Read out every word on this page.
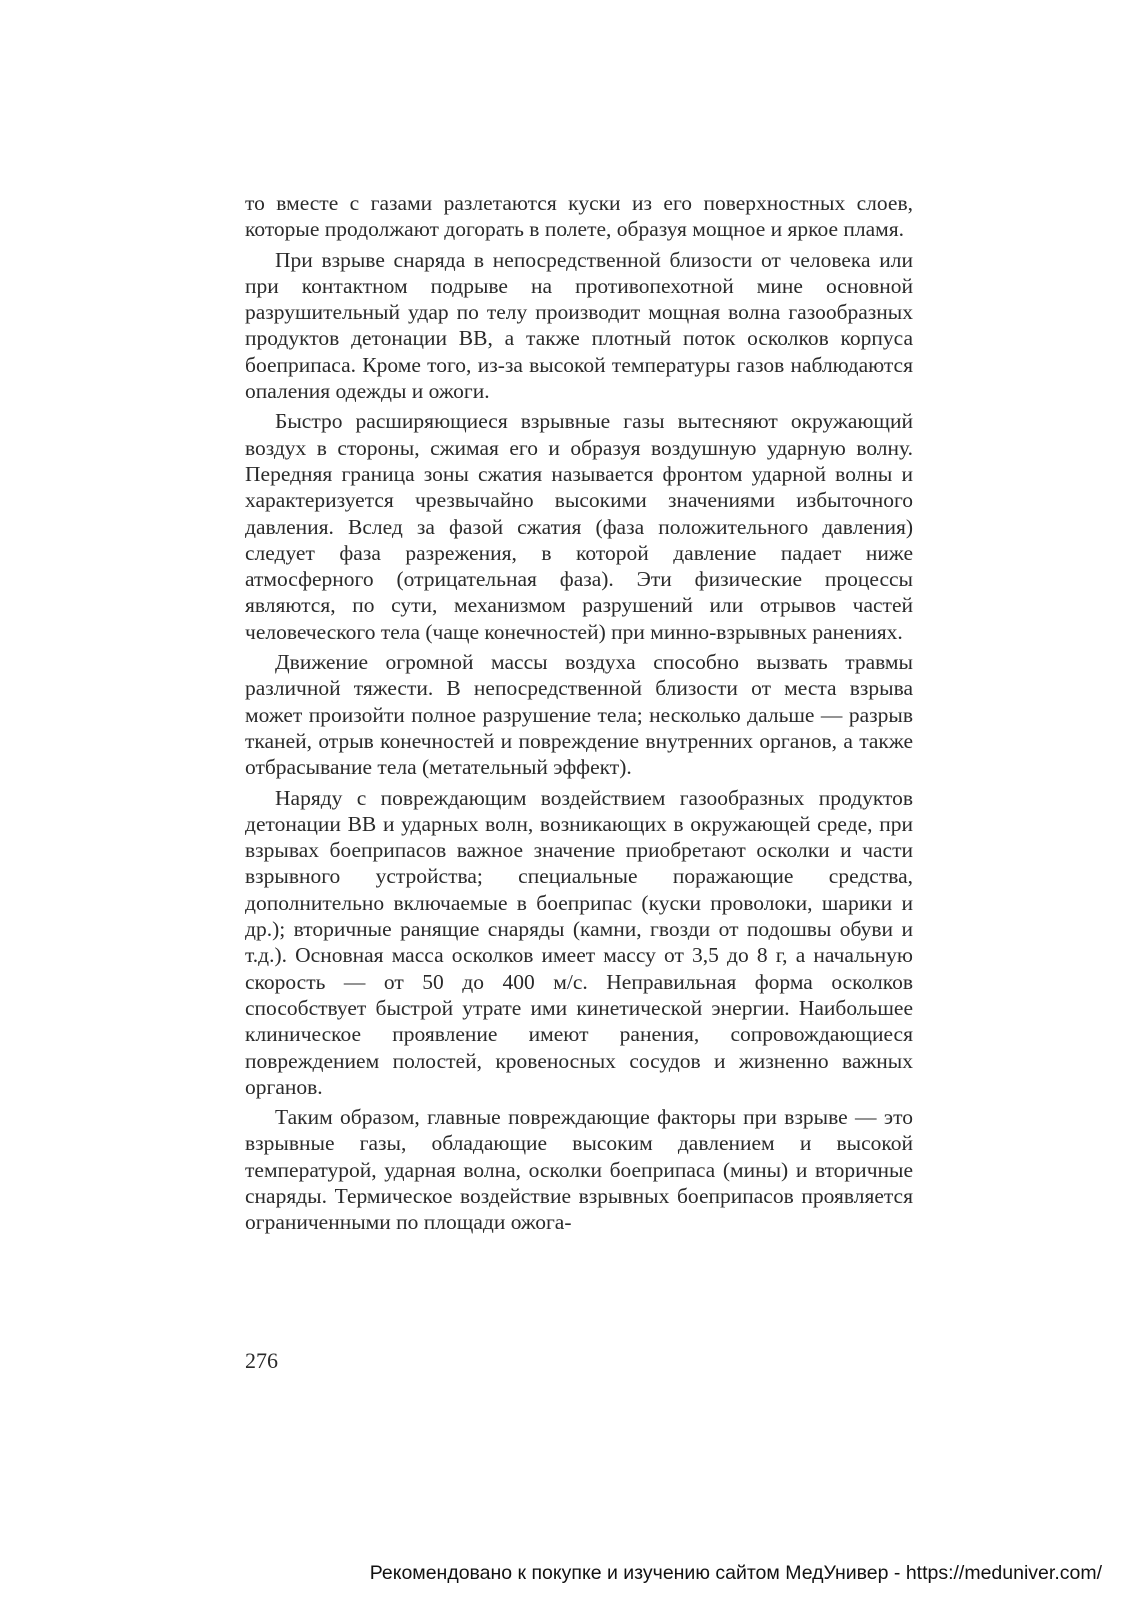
то вместе с газами разлетаются куски из его поверхностных слоев, которые продолжают догорать в полете, образуя мощное и яркое пламя.

При взрыве снаряда в непосредственной близости от человека или при контактном подрыве на противопехотной мине основной разрушительный удар по телу производит мощная волна газообразных продуктов детонации ВВ, а также плотный поток осколков корпуса боеприпаса. Кроме того, из-за высокой температуры газов наблюдаются опаления одежды и ожоги.

Быстро расширяющиеся взрывные газы вытесняют окружающий воздух в стороны, сжимая его и образуя воздушную ударную волну. Передняя граница зоны сжатия называется фронтом ударной волны и характеризуется чрезвычайно высокими значениями избыточного давления. Вслед за фазой сжатия (фаза положительного давления) следует фаза разрежения, в которой давление падает ниже атмосферного (отрицательная фаза). Эти физические процессы являются, по сути, механизмом разрушений или отрывов частей человеческого тела (чаще конечностей) при минно-взрывных ранениях.

Движение огромной массы воздуха способно вызвать травмы различной тяжести. В непосредственной близости от места взрыва может произойти полное разрушение тела; несколько дальше — разрыв тканей, отрыв конечностей и повреждение внутренних органов, а также отбрасывание тела (метательный эффект).

Наряду с повреждающим воздействием газообразных продуктов детонации ВВ и ударных волн, возникающих в окружающей среде, при взрывах боеприпасов важное значение приобретают осколки и части взрывного устройства; специальные поражающие средства, дополнительно включаемые в боеприпас (куски проволоки, шарики и др.); вторичные ранящие снаряды (камни, гвозди от подошвы обуви и т.д.). Основная масса осколков имеет массу от 3,5 до 8 г, а начальную скорость — от 50 до 400 м/с. Неправильная форма осколков способствует быстрой утрате ими кинетической энергии. Наибольшее клиническое проявление имеют ранения, сопровождающиеся повреждением полостей, кровеносных сосудов и жизненно важных органов.

Таким образом, главные повреждающие факторы при взрыве — это взрывные газы, обладающие высоким давлением и высокой температурой, ударная волна, осколки боеприпаса (мины) и вторичные снаряды. Термическое воздействие взрывных боеприпасов проявляется ограниченными по площади ожога-

276
Рекомендовано к покупке и изучению сайтом МедУнивер - https://meduniver.com/
